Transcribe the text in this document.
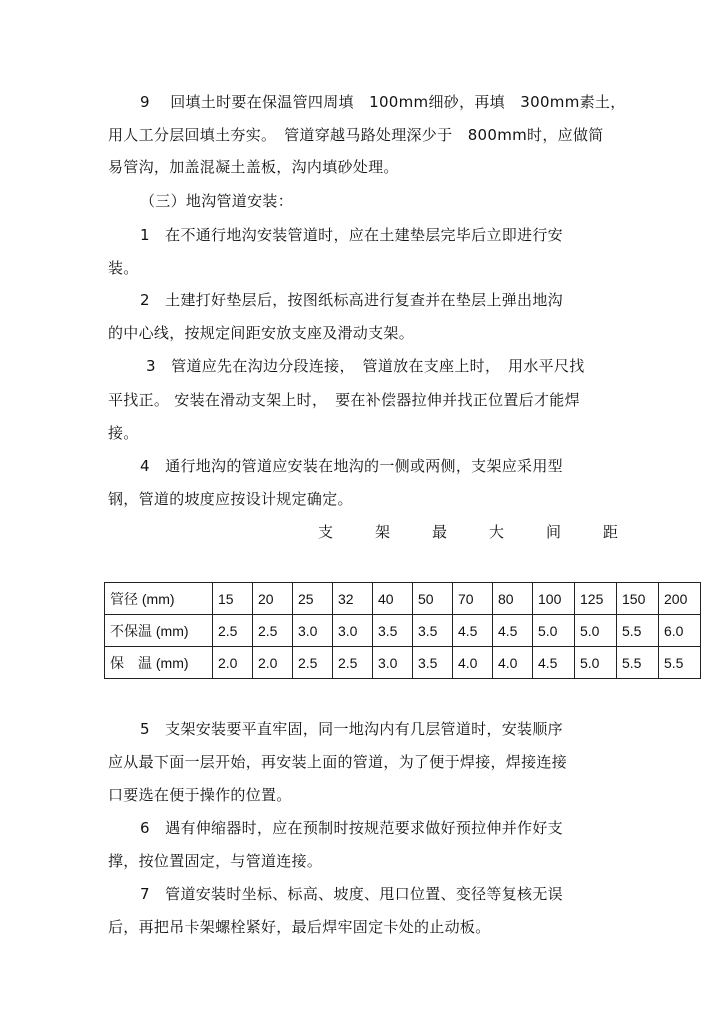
9　 回填土时要在保温管四周填　100mm细砂，再填　300mm素土，
用人工分层回填土夯实。　管道穿越马路处理深少于　800mm时，应做简
易管沟，加盖混凝土盖板，沟内填砂处理。
（三）地沟管道安装：
1　在不通行地沟安装管道时，应在土建垫层完毕后立即进行安
装。
2　土建打好垫层后，按图纸标高进行复查并在垫层上弹出地沟
的中心线，按规定间距安放支座及滑动支架。
3　管道应先在沟边分段连接，　管道放在支座上时，　用水平尺找
平找正。 安装在滑动支架上时，　要在补偿器拉伸并找正位置后才能焊
接。
4　通行地沟的管道应安装在地沟的一侧或两侧，支架应采用型
钢，管道的坡度应按设计规定确定。
支	架	最	大	间	距
管径 (mm)	15	20	25	32	40	50	70	80	100	125	150	200
不保温 (mm)	2.5	2.5	3.0	3.0	3.5	3.5	4.5	4.5	5.0	5.0	5.5	6.0
保　温 (mm)	2.0	2.0	2.5	2.5	3.0	3.5	4.0	4.0	4.5	5.0	5.5	5.5
5　支架安装要平直牢固，同一地沟内有几层管道时，安装顺序
应从最下面一层开始，再安装上面的管道，为了便于焊接，焊接连接
口要选在便于操作的位置。
6　遇有伸缩器时，应在预制时按规范要求做好预拉伸并作好支
撑，按位置固定，与管道连接。
7　管道安装时坐标、标高、坡度、甩口位置、变径等复核无误
后，再把吊卡架螺栓紧好，最后焊牢固定卡处的止动板。
